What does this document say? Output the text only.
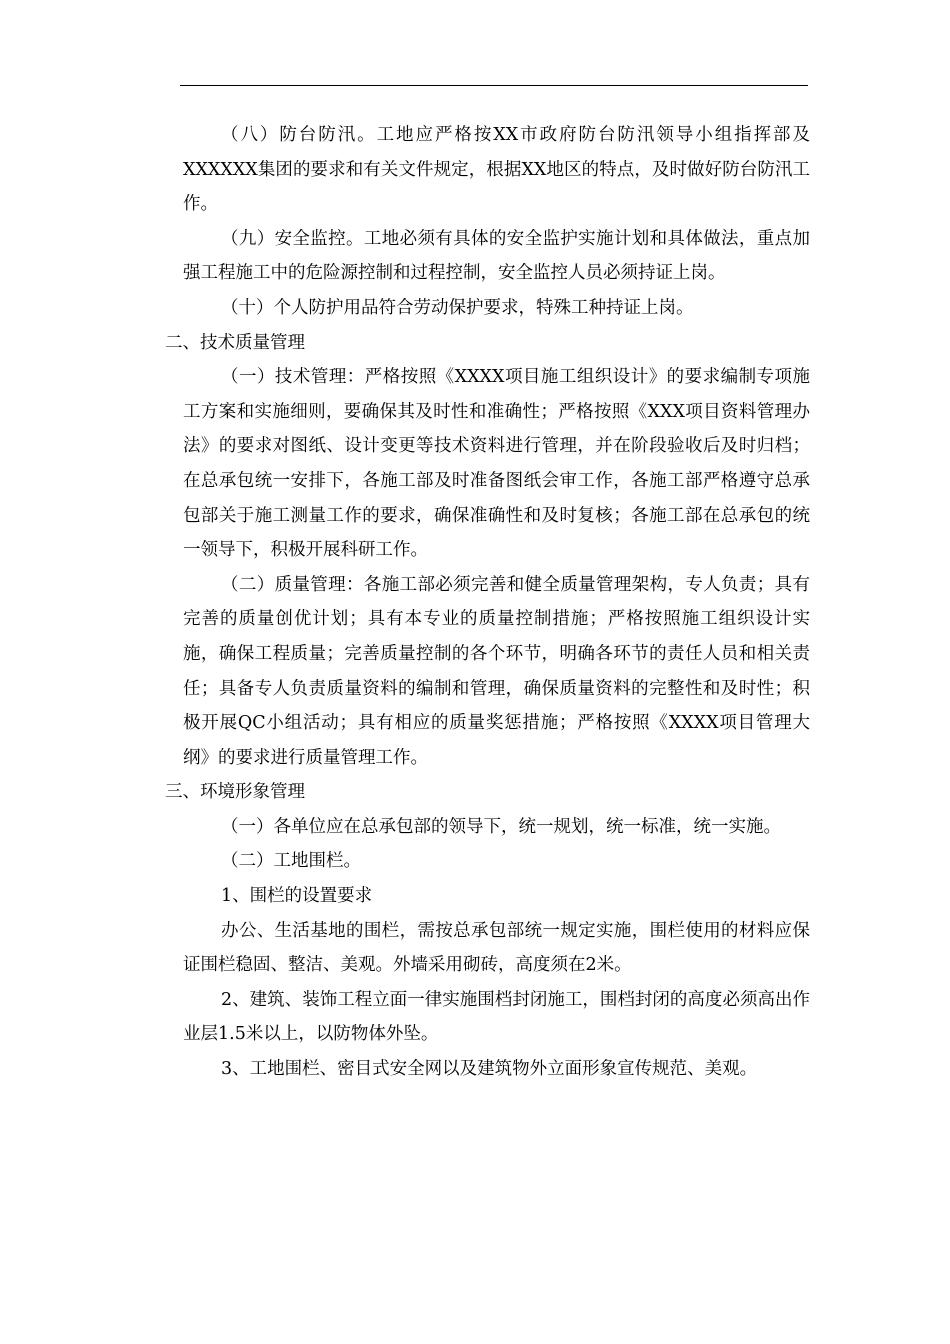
（八）防台防汛。工地应严格按XX市政府防台防汛领导小组指挥部及XXXXXX集团的要求和有关文件规定，根据XX地区的特点，及时做好防台防汛工作。

（九）安全监控。工地必须有具体的安全监护实施计划和具体做法，重点加强工程施工中的危险源控制和过程控制，安全监控人员必须持证上岗。

（十）个人防护用品符合劳动保护要求，特殊工种持证上岗。

二、技术质量管理

（一）技术管理：严格按照《XXXX项目施工组织设计》的要求编制专项施工方案和实施细则，要确保其及时性和准确性；严格按照《XXX项目资料管理办法》的要求对图纸、设计变更等技术资料进行管理，并在阶段验收后及时归档；在总承包统一安排下，各施工部及时准备图纸会审工作，各施工部严格遵守总承包部关于施工测量工作的要求，确保准确性和及时复核；各施工部在总承包的统一领导下，积极开展科研工作。

（二）质量管理：各施工部必须完善和健全质量管理架构，专人负责；具有完善的质量创优计划；具有本专业的质量控制措施；严格按照施工组织设计实施，确保工程质量；完善质量控制的各个环节，明确各环节的责任人员和相关责任；具备专人负责质量资料的编制和管理，确保质量资料的完整性和及时性；积极开展QC小组活动；具有相应的质量奖惩措施；严格按照《XXXX项目管理大纲》的要求进行质量管理工作。

三、环境形象管理

（一）各单位应在总承包部的领导下，统一规划，统一标准，统一实施。

（二）工地围栏。

1、围栏的设置要求

办公、生活基地的围栏，需按总承包部统一规定实施，围栏使用的材料应保证围栏稳固、整洁、美观。外墙采用砌砖，高度须在2米。

2、建筑、装饰工程立面一律实施围档封闭施工，围档封闭的高度必须高出作业层1.5米以上，以防物体外坠。

3、工地围栏、密目式安全网以及建筑物外立面形象宣传规范、美观。
